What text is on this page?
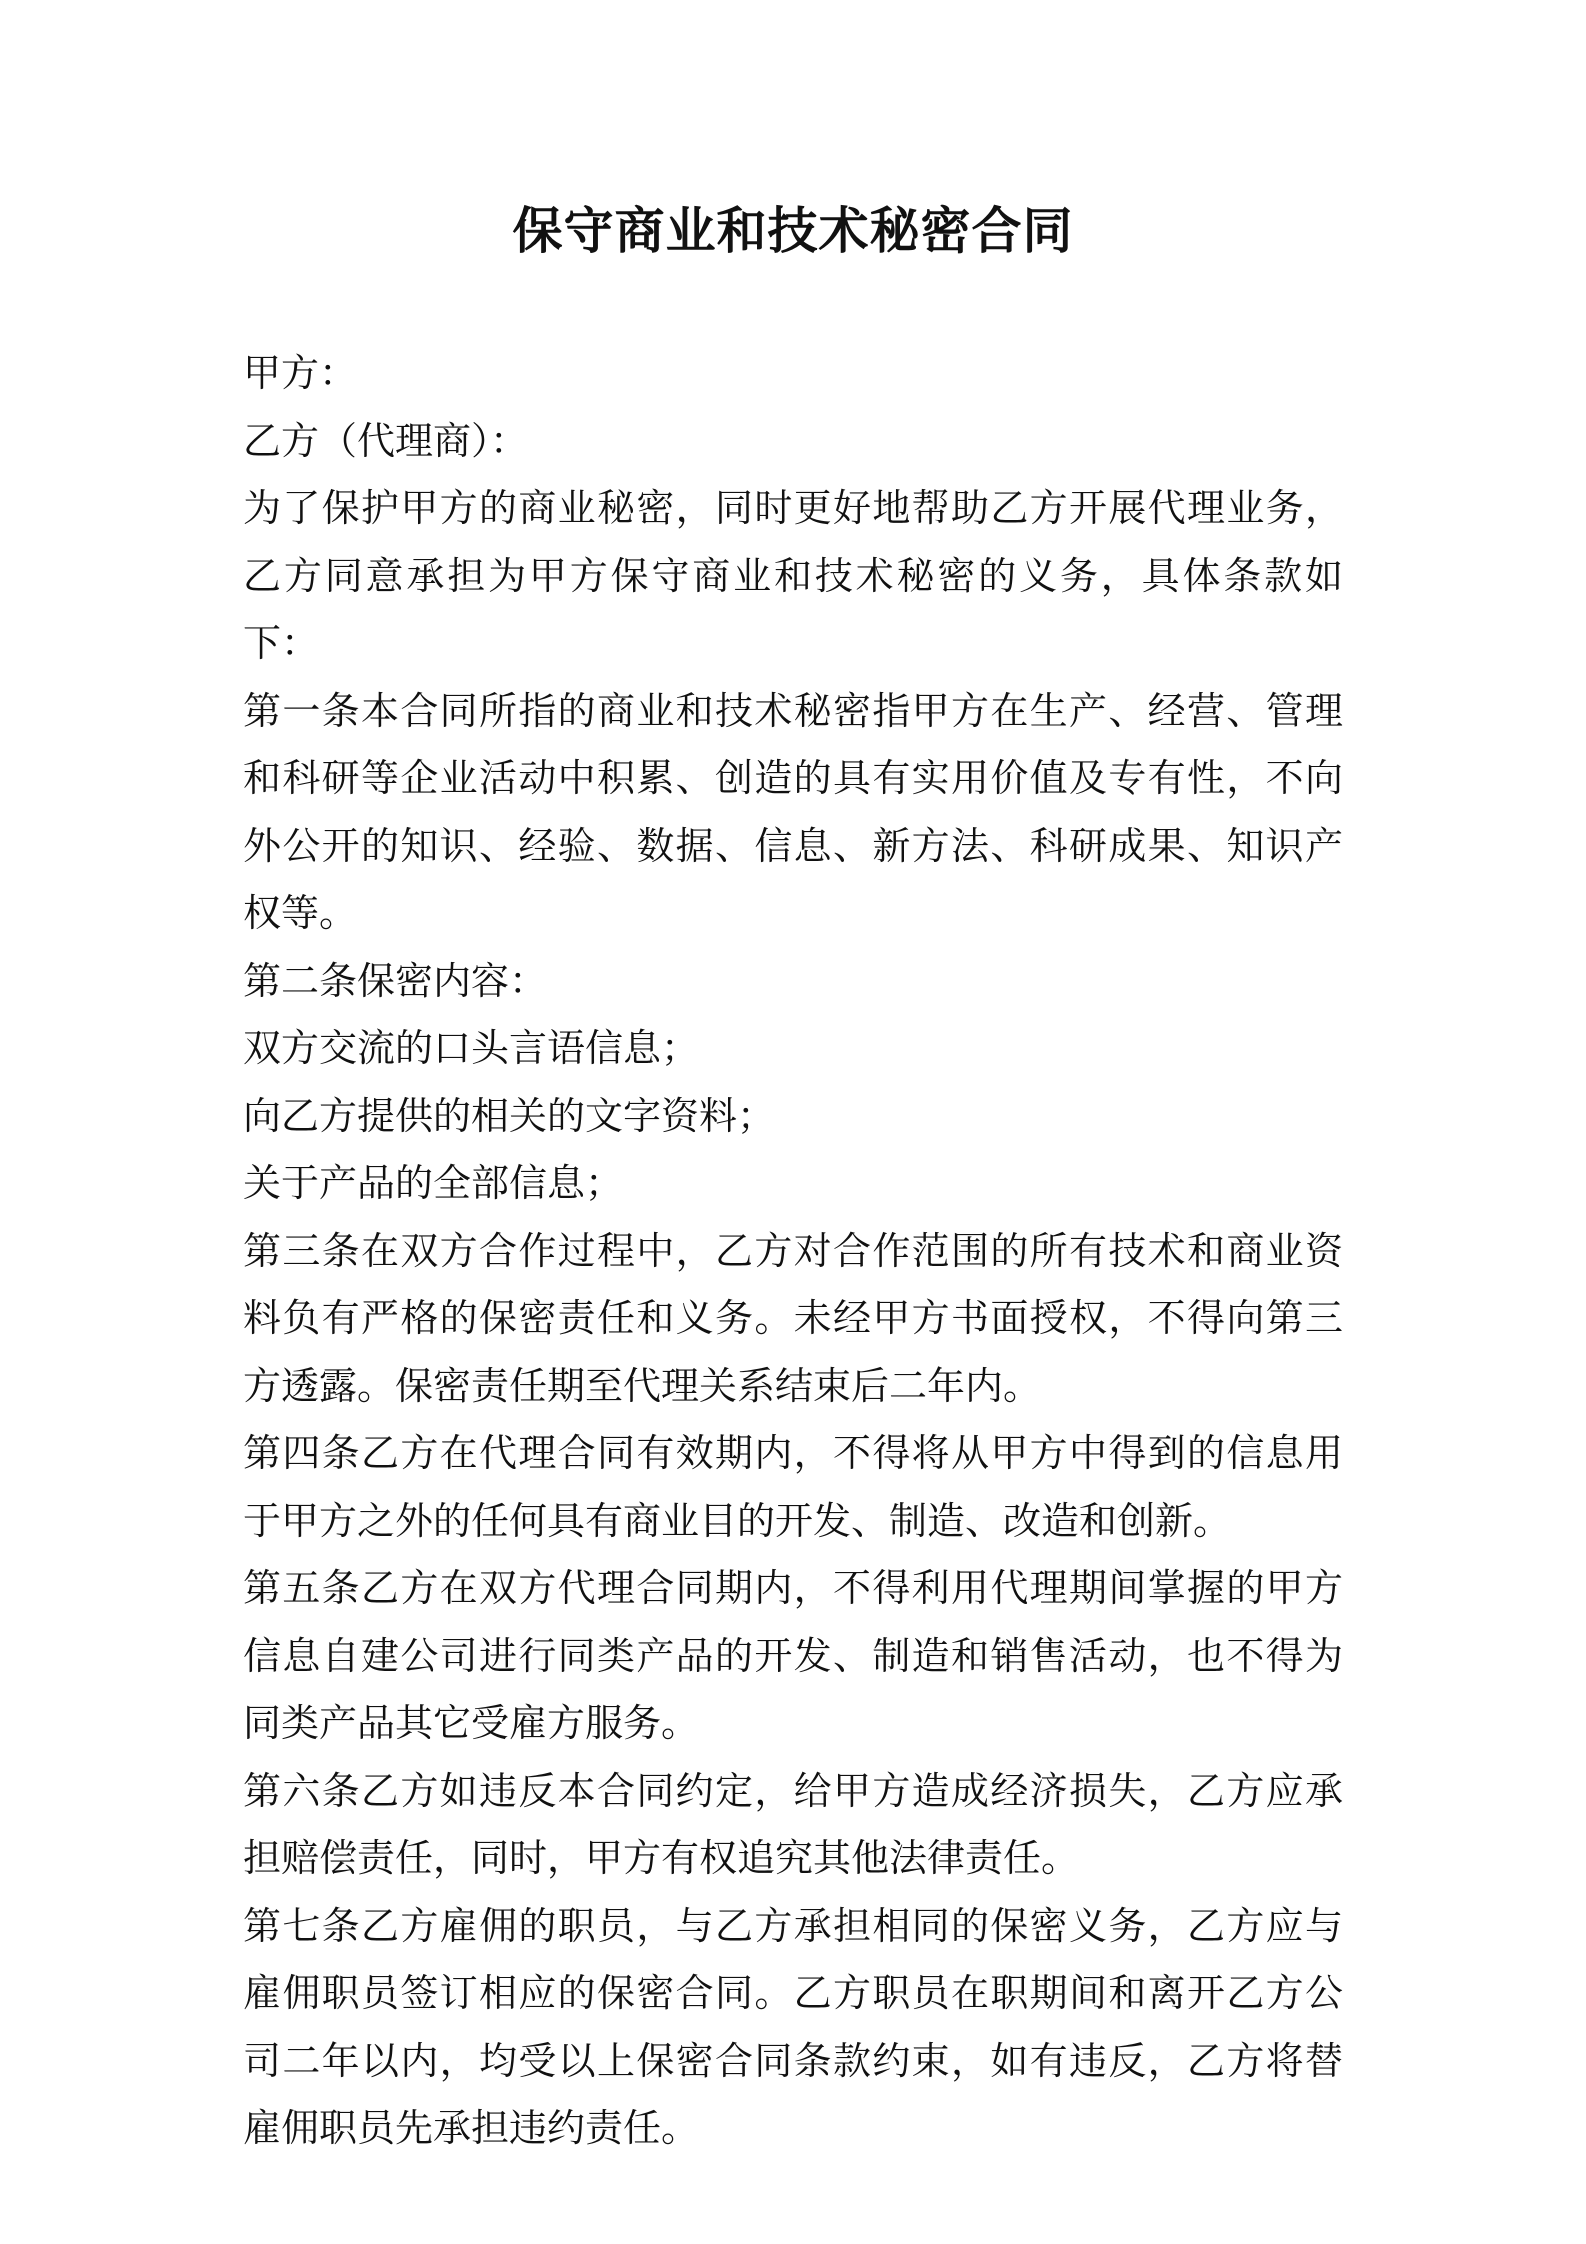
保守商业和技术秘密合同

甲方：

乙方（代理商）：

为了保护甲方的商业秘密，同时更好地帮助乙方开展代理业务，乙方同意承担为甲方保守商业和技术秘密的义务，具体条款如下：

第一条本合同所指的商业和技术秘密指甲方在生产、经营、管理和科研等企业活动中积累、创造的具有实用价值及专有性，不向外公开的知识、经验、数据、信息、新方法、科研成果、知识产权等。

第二条保密内容：

双方交流的口头言语信息；

向乙方提供的相关的文字资料；

关于产品的全部信息；

第三条在双方合作过程中，乙方对合作范围的所有技术和商业资料负有严格的保密责任和义务。未经甲方书面授权，不得向第三方透露。保密责任期至代理关系结束后二年内。

第四条乙方在代理合同有效期内，不得将从甲方中得到的信息用于甲方之外的任何具有商业目的开发、制造、改造和创新。

第五条乙方在双方代理合同期内，不得利用代理期间掌握的甲方信息自建公司进行同类产品的开发、制造和销售活动，也不得为同类产品其它受雇方服务。

第六条乙方如违反本合同约定，给甲方造成经济损失，乙方应承担赔偿责任，同时，甲方有权追究其他法律责任。

第七条乙方雇佣的职员，与乙方承担相同的保密义务，乙方应与雇佣职员签订相应的保密合同。乙方职员在职期间和离开乙方公司二年以内，均受以上保密合同条款约束，如有违反，乙方将替雇佣职员先承担违约责任。
